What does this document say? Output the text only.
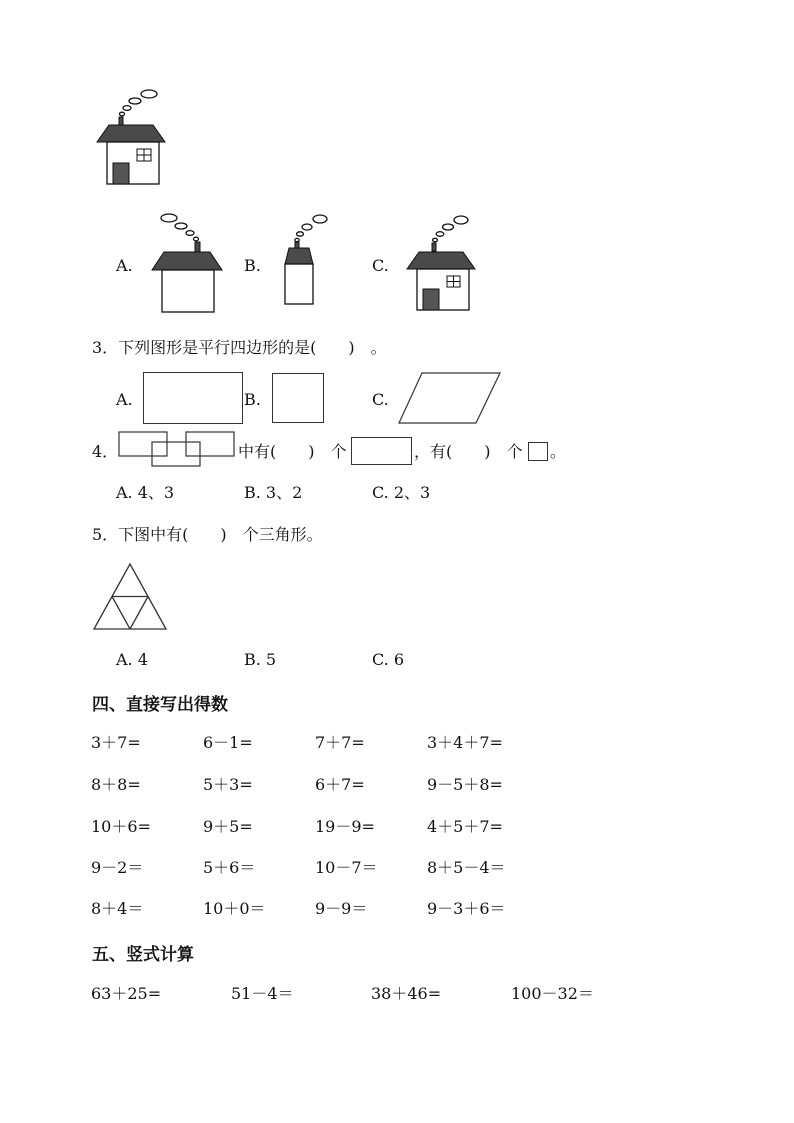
A.	B.	C.
3．下列图形是平行四边形的是(　　)　。
A.	B.	C.
4．	中有(　　)　个	，有(　　)　个 。
A. 4、3	B. 3、2	C. 2、3
5．下图中有(　　)　个三角形。
A. 4	B. 5	C. 6
四、直接写出得数
3＋7=	6－1=	7＋7=	3＋4＋7=
8＋8=	5＋3=	6＋7=	9－5＋8=
10＋6=	9＋5=	19－9=	4＋5＋7=
9－2＝	5＋6＝	10－7＝	8＋5－4＝
8＋4＝	10＋0＝	9－9＝	9－3＋6＝
五、竖式计算
63＋25=	51－4＝	38＋46=	100－32＝
